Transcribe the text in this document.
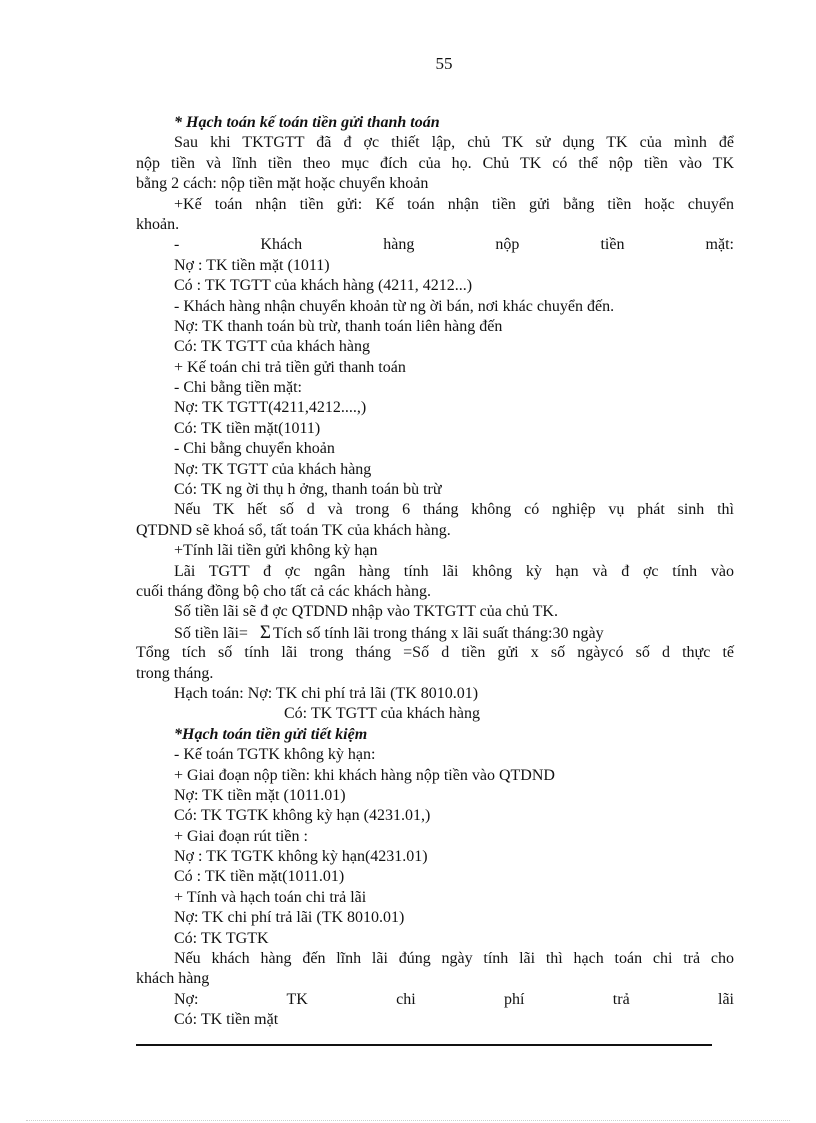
55
* Hạch toán kế toán tiền gửi thanh toán
Sau khi TKTGTT đã đ ợc thiết lập, chủ TK sử dụng TK của mình để
nộp tiền và lĩnh tiền theo mục đích của họ. Chủ TK có thể nộp tiền vào TK
bằng 2 cách: nộp tiền mặt hoặc chuyển khoản
+Kế toán nhận tiền gửi: Kế toán nhận tiền gửi bằng tiền hoặc chuyển
khoản.
- Khách hàng nộp tiền mặt:
Nợ : TK tiền mặt (1011)
Có : TK TGTT của khách hàng (4211, 4212...)
- Khách hàng nhận chuyển khoản từ ng ời bán, nơi khác chuyển đến.
Nợ: TK thanh toán bù trừ, thanh toán liên hàng đến
Có: TK TGTT của khách hàng
+ Kế toán chi trả tiền gửi thanh toán
- Chi bằng tiền mặt:
Nợ: TK TGTT(4211,4212....,)
Có: TK tiền mặt(1011)
- Chi bằng chuyển khoản
Nợ: TK TGTT của khách hàng
Có: TK ng ời thụ h ởng, thanh toán bù trừ
Nếu TK hết số d và trong 6 tháng không có nghiệp vụ phát sinh thì
QTDND sẽ khoá sổ, tất toán TK của khách hàng.
+Tính lãi tiền gửi không kỳ hạn
Lãi TGTT đ ợc ngân hàng tính lãi không kỳ hạn và đ ợc tính vào
cuối tháng đồng bộ cho tất cả các khách hàng.
Số tiền lãi sẽ đ ợc QTDND nhập vào TKTGTT của chủ TK.
Số tiền lãi= Σ Tích số tính lãi trong tháng x lãi suất tháng:30 ngày
Tổng tích số tính lãi trong tháng =Số d tiền gửi x số ngàycó số d thực tế
trong tháng.
Hạch toán: Nợ: TK chi phí trả lãi (TK 8010.01)
Có: TK TGTT của khách hàng
*Hạch toán tiền gửi tiết kiệm
- Kế toán TGTK không kỳ hạn:
+ Giai đoạn nộp tiền: khi khách hàng nộp tiền vào QTDND
Nợ: TK tiền mặt (1011.01)
Có: TK TGTK không kỳ hạn (4231.01,)
+ Giai đoạn rút tiền :
Nợ : TK TGTK không kỳ hạn(4231.01)
Có : TK tiền mặt(1011.01)
+ Tính và hạch toán chi trả lãi
Nợ: TK chi phí trả lãi (TK 8010.01)
Có: TK TGTK
Nếu khách hàng đến lĩnh lãi đúng ngày tính lãi thì hạch toán chi trả cho
khách hàng
Nợ: TK chi phí trả lãi
Có: TK tiền mặt
